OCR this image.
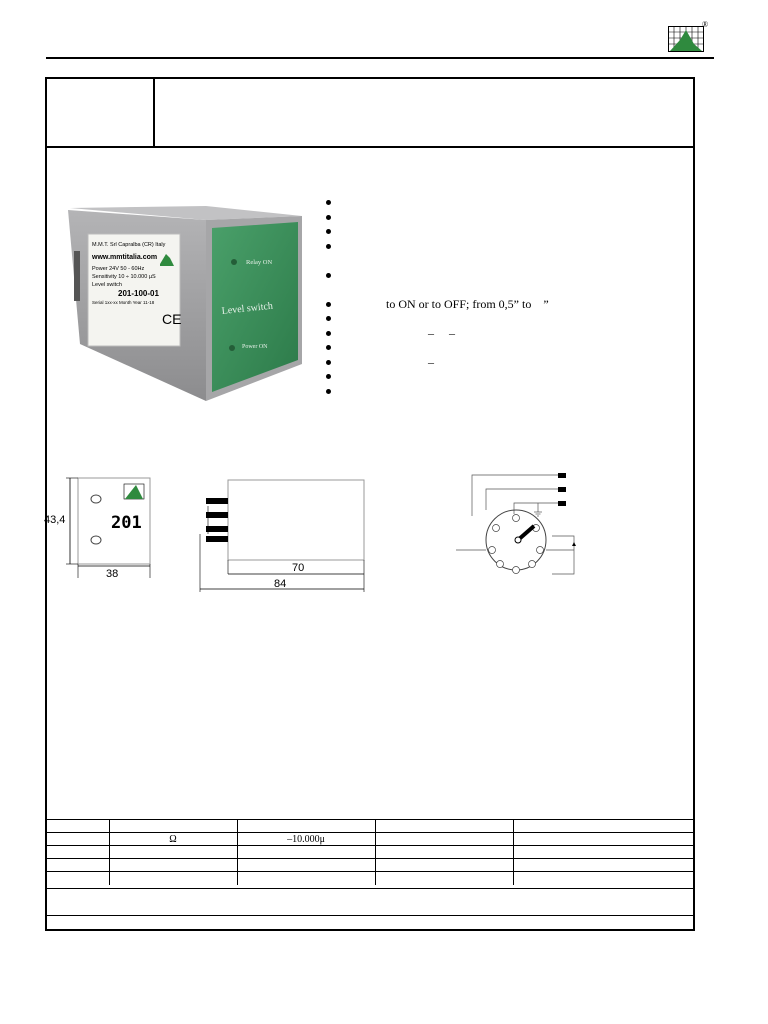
®
M.M.T. Srl Capralba (CR) Italy
www.mmtitalia.com
Power 24V 50 - 60Hz
Sensitivity 10 ÷ 10.000 µS
Level switch
201-100-01
Serial 1xx-xx Month Year 11-18
CE
Relay ON
Level switch
Power ON
to ON or to OFF; from 0,5” to    ”
–     –
–
201
43,4
38	70
84

	Ω	–10.000μ		
